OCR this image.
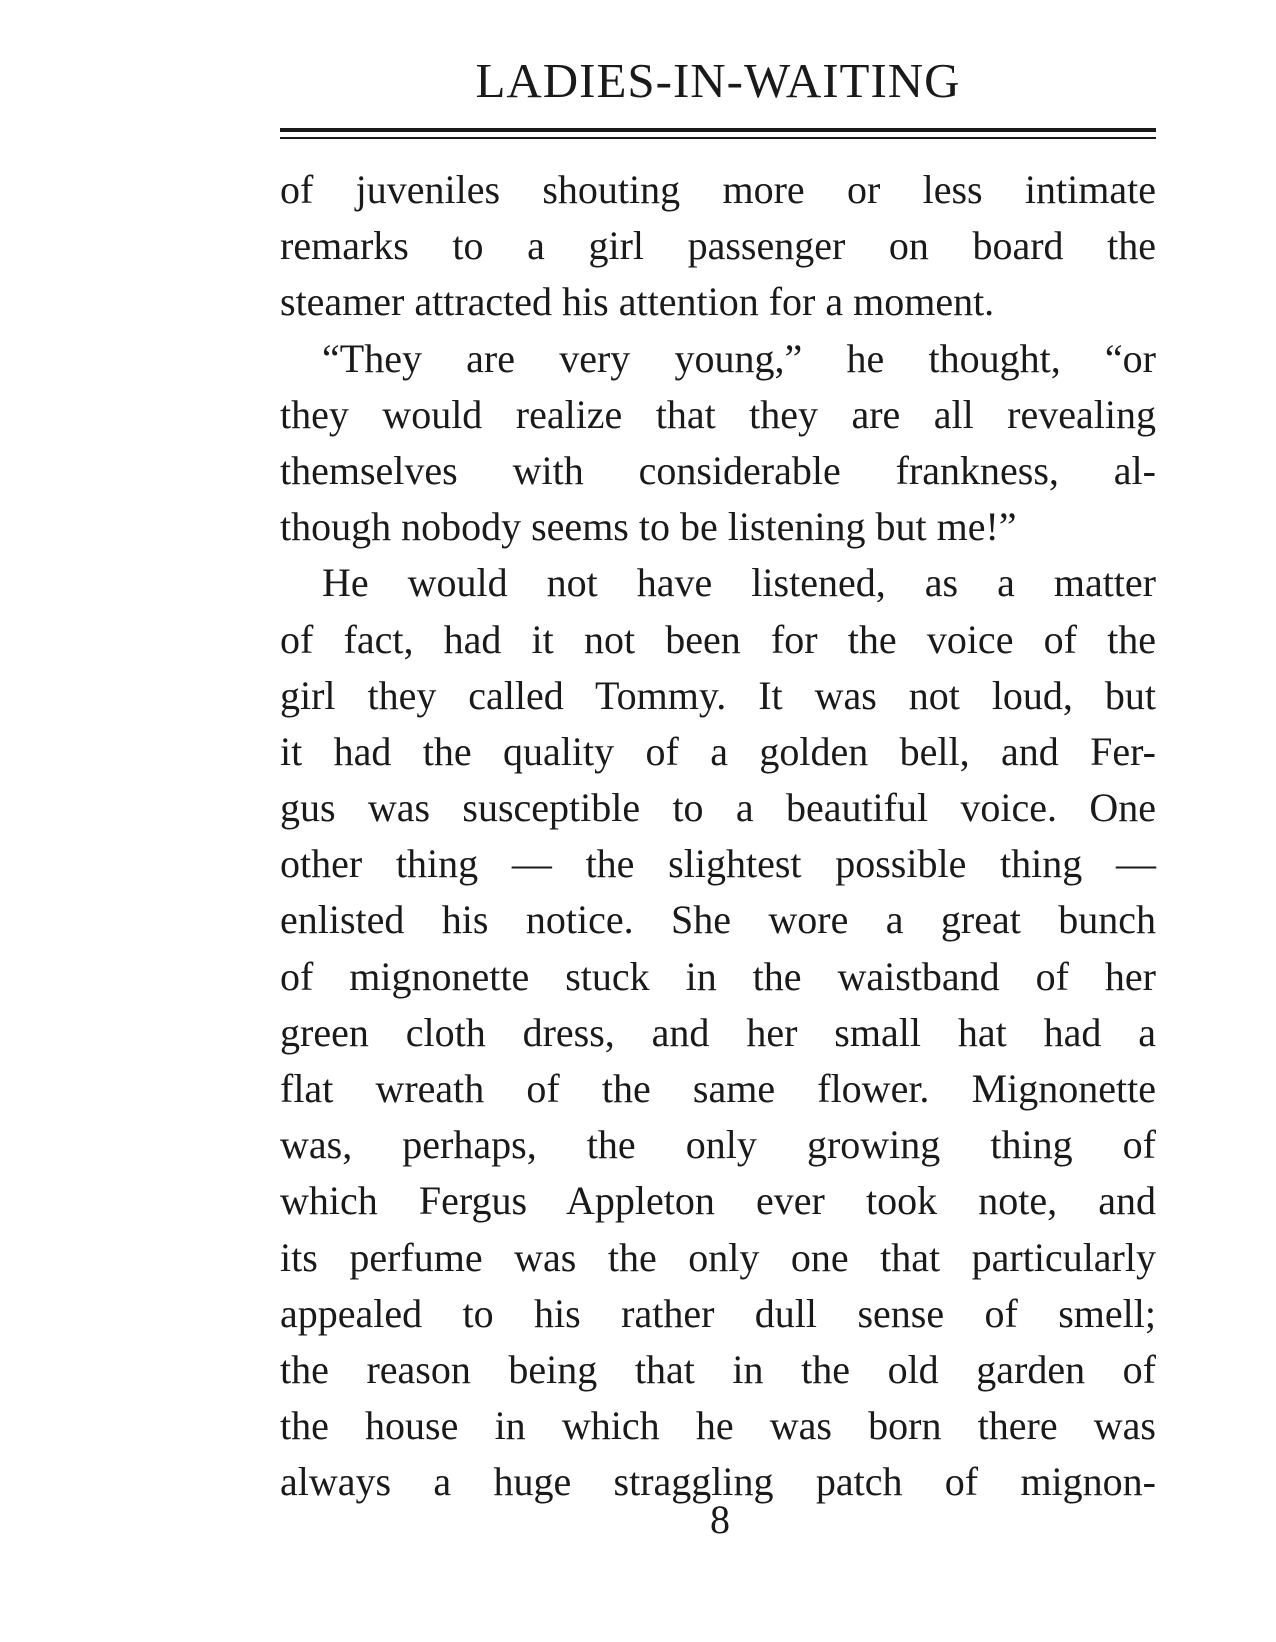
LADIES-IN-WAITING
of juveniles shouting more or less intimate
remarks to a girl passenger on board the
steamer attracted his attention for a moment.
“They are very young,” he thought, “or
they would realize that they are all revealing
themselves with considerable frankness, al-
though nobody seems to be listening but me!”
He would not have listened, as a matter
of fact, had it not been for the voice of the
girl they called Tommy. It was not loud, but
it had the quality of a golden bell, and Fer-
gus was susceptible to a beautiful voice. One
other thing — the slightest possible thing —
enlisted his notice. She wore a great bunch
of mignonette stuck in the waistband of her
green cloth dress, and her small hat had a
flat wreath of the same flower. Mignonette
was, perhaps, the only growing thing of
which Fergus Appleton ever took note, and
its perfume was the only one that particularly
appealed to his rather dull sense of smell;
the reason being that in the old garden of
the house in which he was born there was
always a huge straggling patch of mignon-
8
